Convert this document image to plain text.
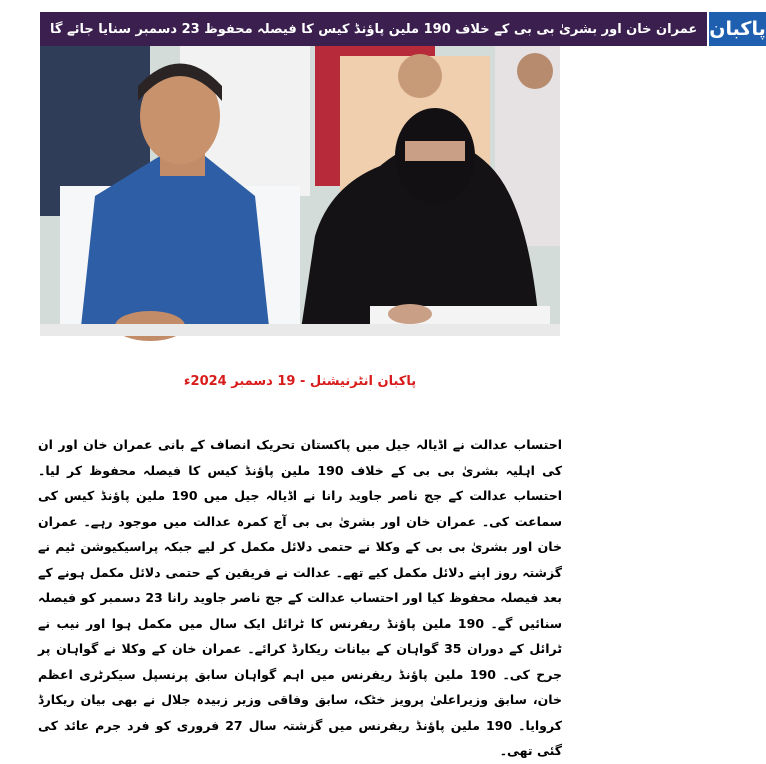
عمران خان اور بشریٰ بی بی کے خلاف 190 ملین پاؤنڈ کیس کا فیصلہ محفوظ 23 دسمبر سنایا جائے گا پاکبان
پاکبان انٹرنیشنل - 19 دسمبر 2024ء
احتساب عدالت نے اڈیالہ جیل میں پاکستان تحریک انصاف کے بانی عمران خان اور ان کی اہلیہ بشریٰ بی بی کے خلاف 190 ملین پاؤنڈ کیس کا فیصلہ محفوظ کر لیا۔ احتساب عدالت کے جج ناصر جاوید رانا نے اڈیالہ جیل میں 190 ملین پاؤنڈ کیس کی سماعت کی۔ عمران خان اور بشریٰ بی بی آج کمرہ عدالت میں موجود رہے۔ عمران خان اور بشریٰ بی بی کے وکلا نے حتمی دلائل مکمل کر لیے جبکہ پراسیکیوشن ٹیم نے گزشتہ روز اپنے دلائل مکمل کیے تھے۔ عدالت نے فریقین کے حتمی دلائل مکمل ہونے کے بعد فیصلہ محفوظ کیا اور احتساب عدالت کے جج ناصر جاوید رانا 23 دسمبر کو فیصلہ سنائیں گے۔ 190 ملین پاؤنڈ ریفرنس کا ٹرائل ایک سال میں مکمل ہوا اور نیب نے ٹرائل کے دوران 35 گواہان کے بیانات ریکارڈ کرائے۔ عمران خان کے وکلا نے گواہان پر جرح کی۔ 190 ملین پاؤنڈ ریفرنس میں اہم گواہان سابق پرنسپل سیکرٹری اعظم خان، سابق وزیراعلیٰ پرویز خٹک، سابق وفاقی وزیر زبیدہ جلال نے بھی بیان ریکارڈ کروایا۔ 190 ملین پاؤنڈ ریفرنس میں گزشتہ سال 27 فروری کو فرد جرم عائد کی گئی تھی۔
